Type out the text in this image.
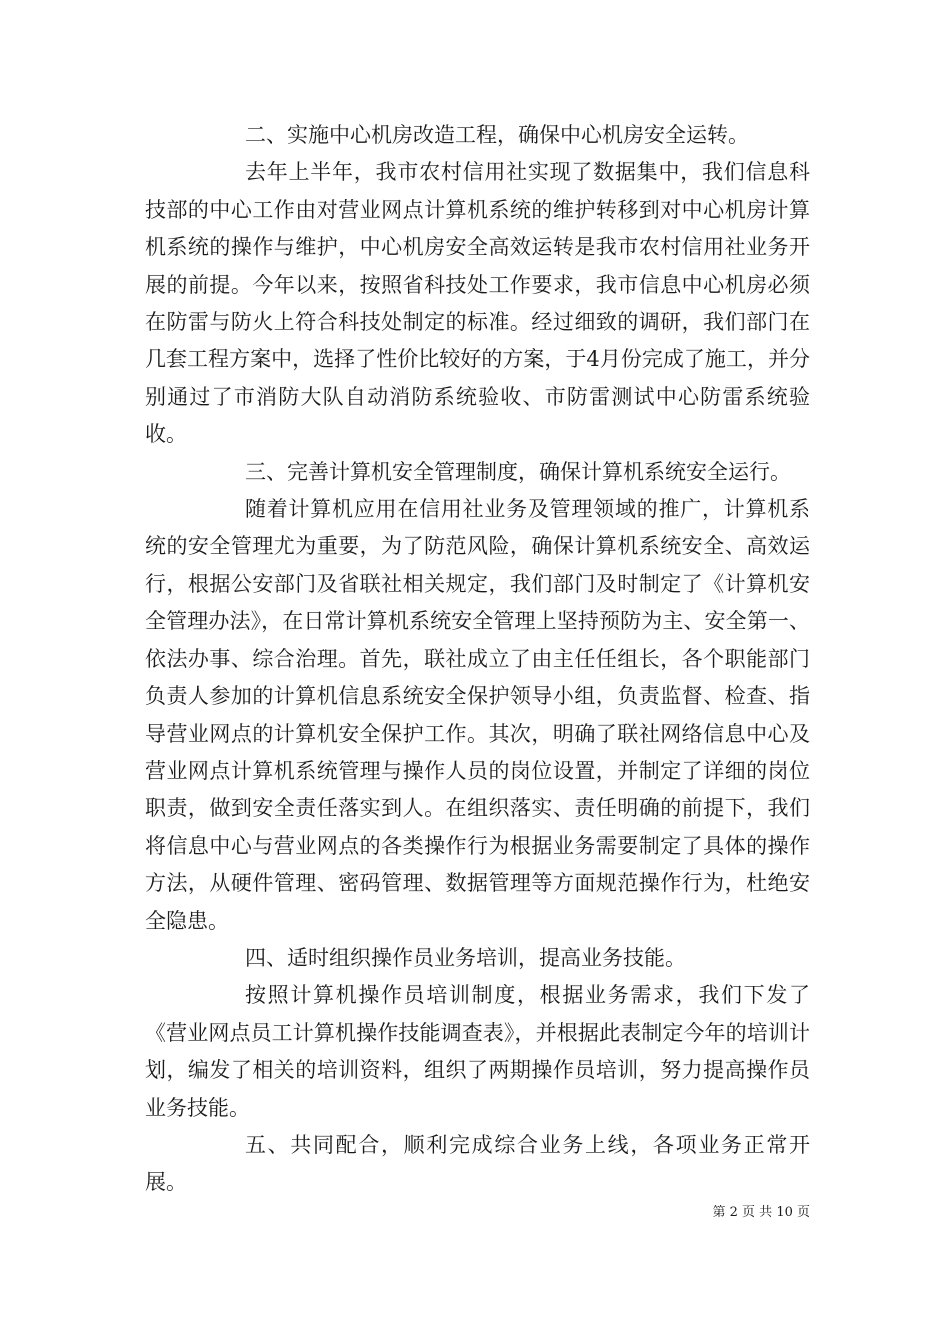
二、实施中心机房改造工程，确保中心机房安全运转。

去年上半年，我市农村信用社实现了数据集中，我们信息科技部的中心工作由对营业网点计算机系统的维护转移到对中心机房计算机系统的操作与维护，中心机房安全高效运转是我市农村信用社业务开展的前提。今年以来，按照省科技处工作要求，我市信息中心机房必须在防雷与防火上符合科技处制定的标准。经过细致的调研，我们部门在几套工程方案中，选择了性价比较好的方案，于4月份完成了施工，并分别通过了市消防大队自动消防系统验收、市防雷测试中心防雷系统验收。

三、完善计算机安全管理制度，确保计算机系统安全运行。

随着计算机应用在信用社业务及管理领域的推广，计算机系统的安全管理尤为重要，为了防范风险，确保计算机系统安全、高效运行，根据公安部门及省联社相关规定，我们部门及时制定了《计算机安全管理办法》，在日常计算机系统安全管理上坚持预防为主、安全第一、依法办事、综合治理。首先，联社成立了由主任任组长，各个职能部门负责人参加的计算机信息系统安全保护领导小组，负责监督、检查、指导营业网点的计算机安全保护工作。其次，明确了联社网络信息中心及营业网点计算机系统管理与操作人员的岗位设置，并制定了详细的岗位职责，做到安全责任落实到人。在组织落实、责任明确的前提下，我们将信息中心与营业网点的各类操作行为根据业务需要制定了具体的操作方法，从硬件管理、密码管理、数据管理等方面规范操作行为，杜绝安全隐患。

四、适时组织操作员业务培训，提高业务技能。

按照计算机操作员培训制度，根据业务需求，我们下发了《营业网点员工计算机操作技能调查表》，并根据此表制定今年的培训计划，编发了相关的培训资料，组织了两期操作员培训，努力提高操作员业务技能。

五、共同配合，顺利完成综合业务上线，各项业务正常开展。

第 2 页 共 10 页
